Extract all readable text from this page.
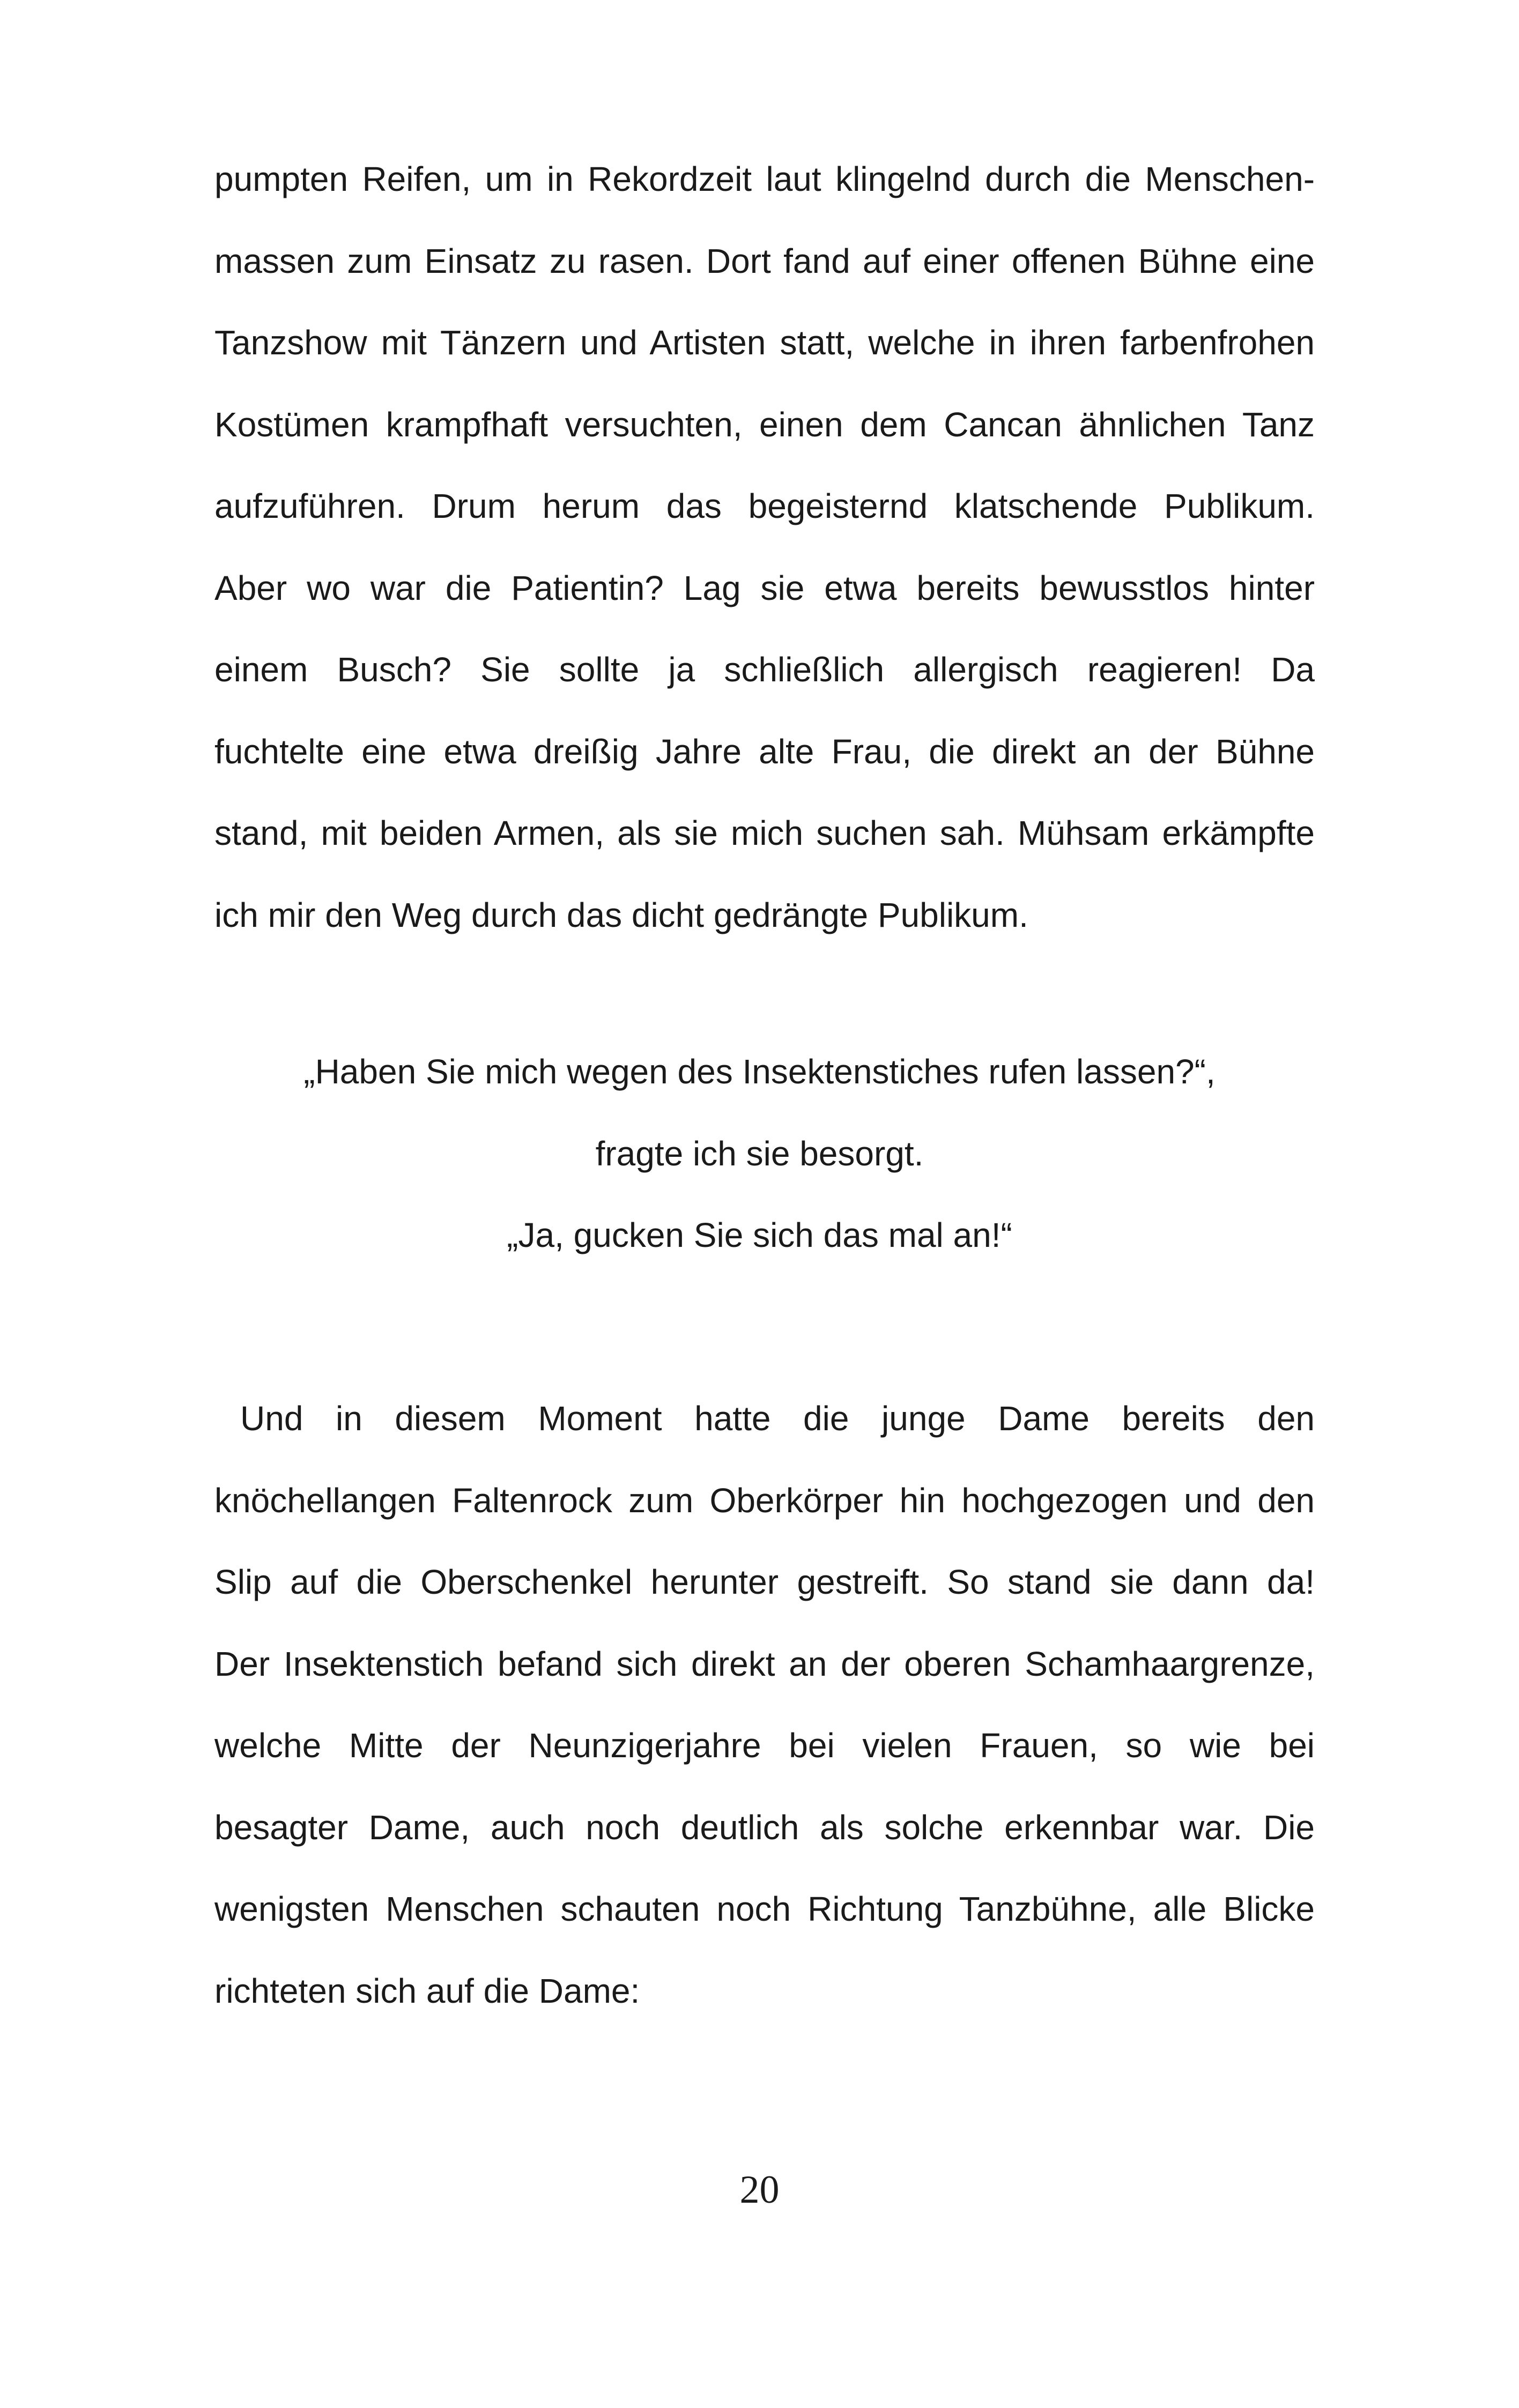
pumpten Reifen, um in Rekordzeit laut klingelnd durch die Menschen-
massen zum Einsatz zu rasen. Dort fand auf einer offenen Bühne eine
Tanzshow mit Tänzern und Artisten statt, welche in ihren farbenfrohen
Kostümen krampfhaft versuchten, einen dem Cancan ähnlichen Tanz
aufzuführen. Drum herum das begeisternd klatschende Publikum.
Aber wo war die Patientin? Lag sie etwa bereits bewusstlos hinter
einem Busch? Sie sollte ja schließlich allergisch reagieren! Da
fuchtelte eine etwa dreißig Jahre alte Frau, die direkt an der Bühne
stand, mit beiden Armen, als sie mich suchen sah. Mühsam erkämpfte
ich mir den Weg durch das dicht gedrängte Publikum.
„Haben Sie mich wegen des Insektenstiches rufen lassen?“,
fragte ich sie besorgt.
„Ja, gucken Sie sich das mal an!“
Und in diesem Moment hatte die junge Dame bereits den
knöchellangen Faltenrock zum Oberkörper hin hochgezogen und den
Slip auf die Oberschenkel herunter gestreift. So stand sie dann da!
Der Insektenstich befand sich direkt an der oberen Schamhaargrenze,
welche Mitte der Neunzigerjahre bei vielen Frauen, so wie bei
besagter Dame, auch noch deutlich als solche erkennbar war. Die
wenigsten Menschen schauten noch Richtung Tanzbühne, alle Blicke
richteten sich auf die Dame:
20
